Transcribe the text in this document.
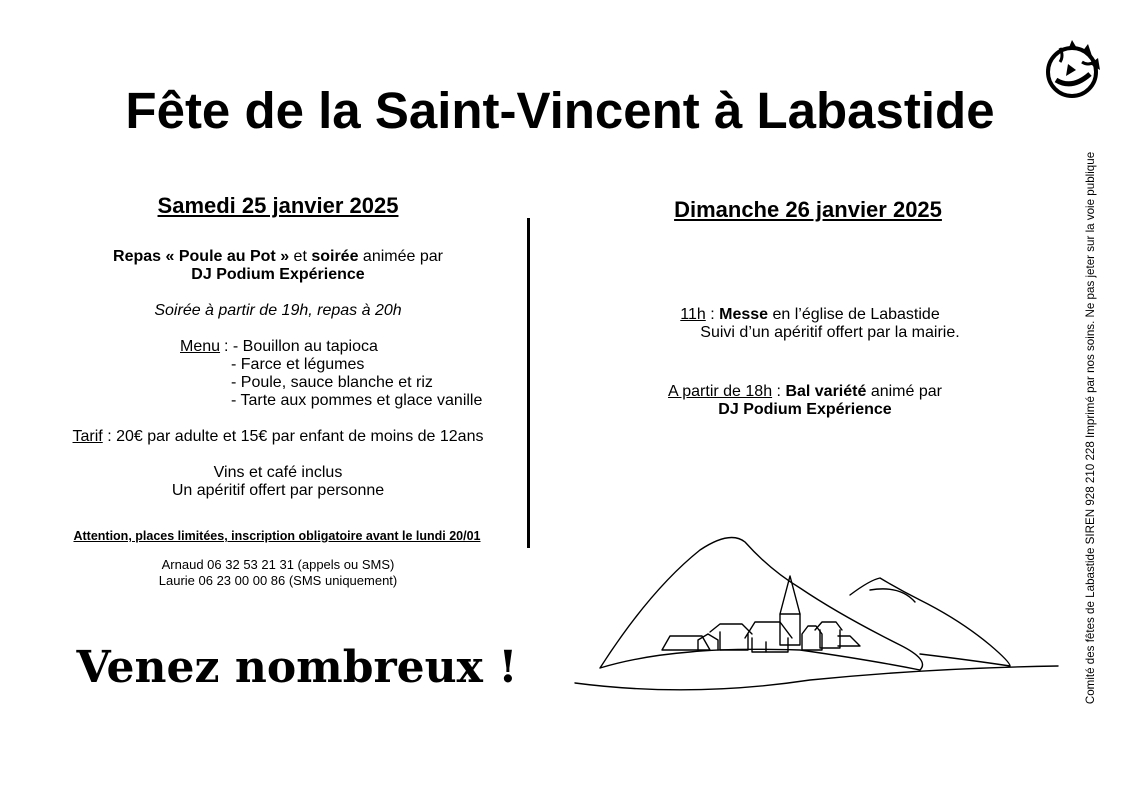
Fête de la Saint-Vincent à Labastide
Comité des fêtes de Labastide SIREN 928 210 228 Imprimé par nos soins. Ne pas jeter sur la voie publique
Samedi 25 janvier 2025
Repas « Poule au Pot » et soirée animée par
DJ Podium Expérience
Soirée à partir de 19h, repas à 20h
Menu : - Bouillon au tapioca
- Farce et légumes
- Poule, sauce blanche et riz
- Tarte aux pommes et glace vanille
Tarif : 20€ par adulte et 15€ par enfant de moins de 12ans
Vins et café inclus
Un apéritif offert par personne
Attention, places limitées, inscription obligatoire avant le lundi 20/01
Arnaud 06 32 53 21 31 (appels ou SMS)
Laurie 06 23 00 00 86 (SMS uniquement)
Dimanche 26 janvier 2025
11h : Messe en l’église de Labastide
Suivi d’un apéritif offert par la mairie.
A partir de 18h : Bal variété animé par
DJ Podium Expérience
Venez nombreux !
